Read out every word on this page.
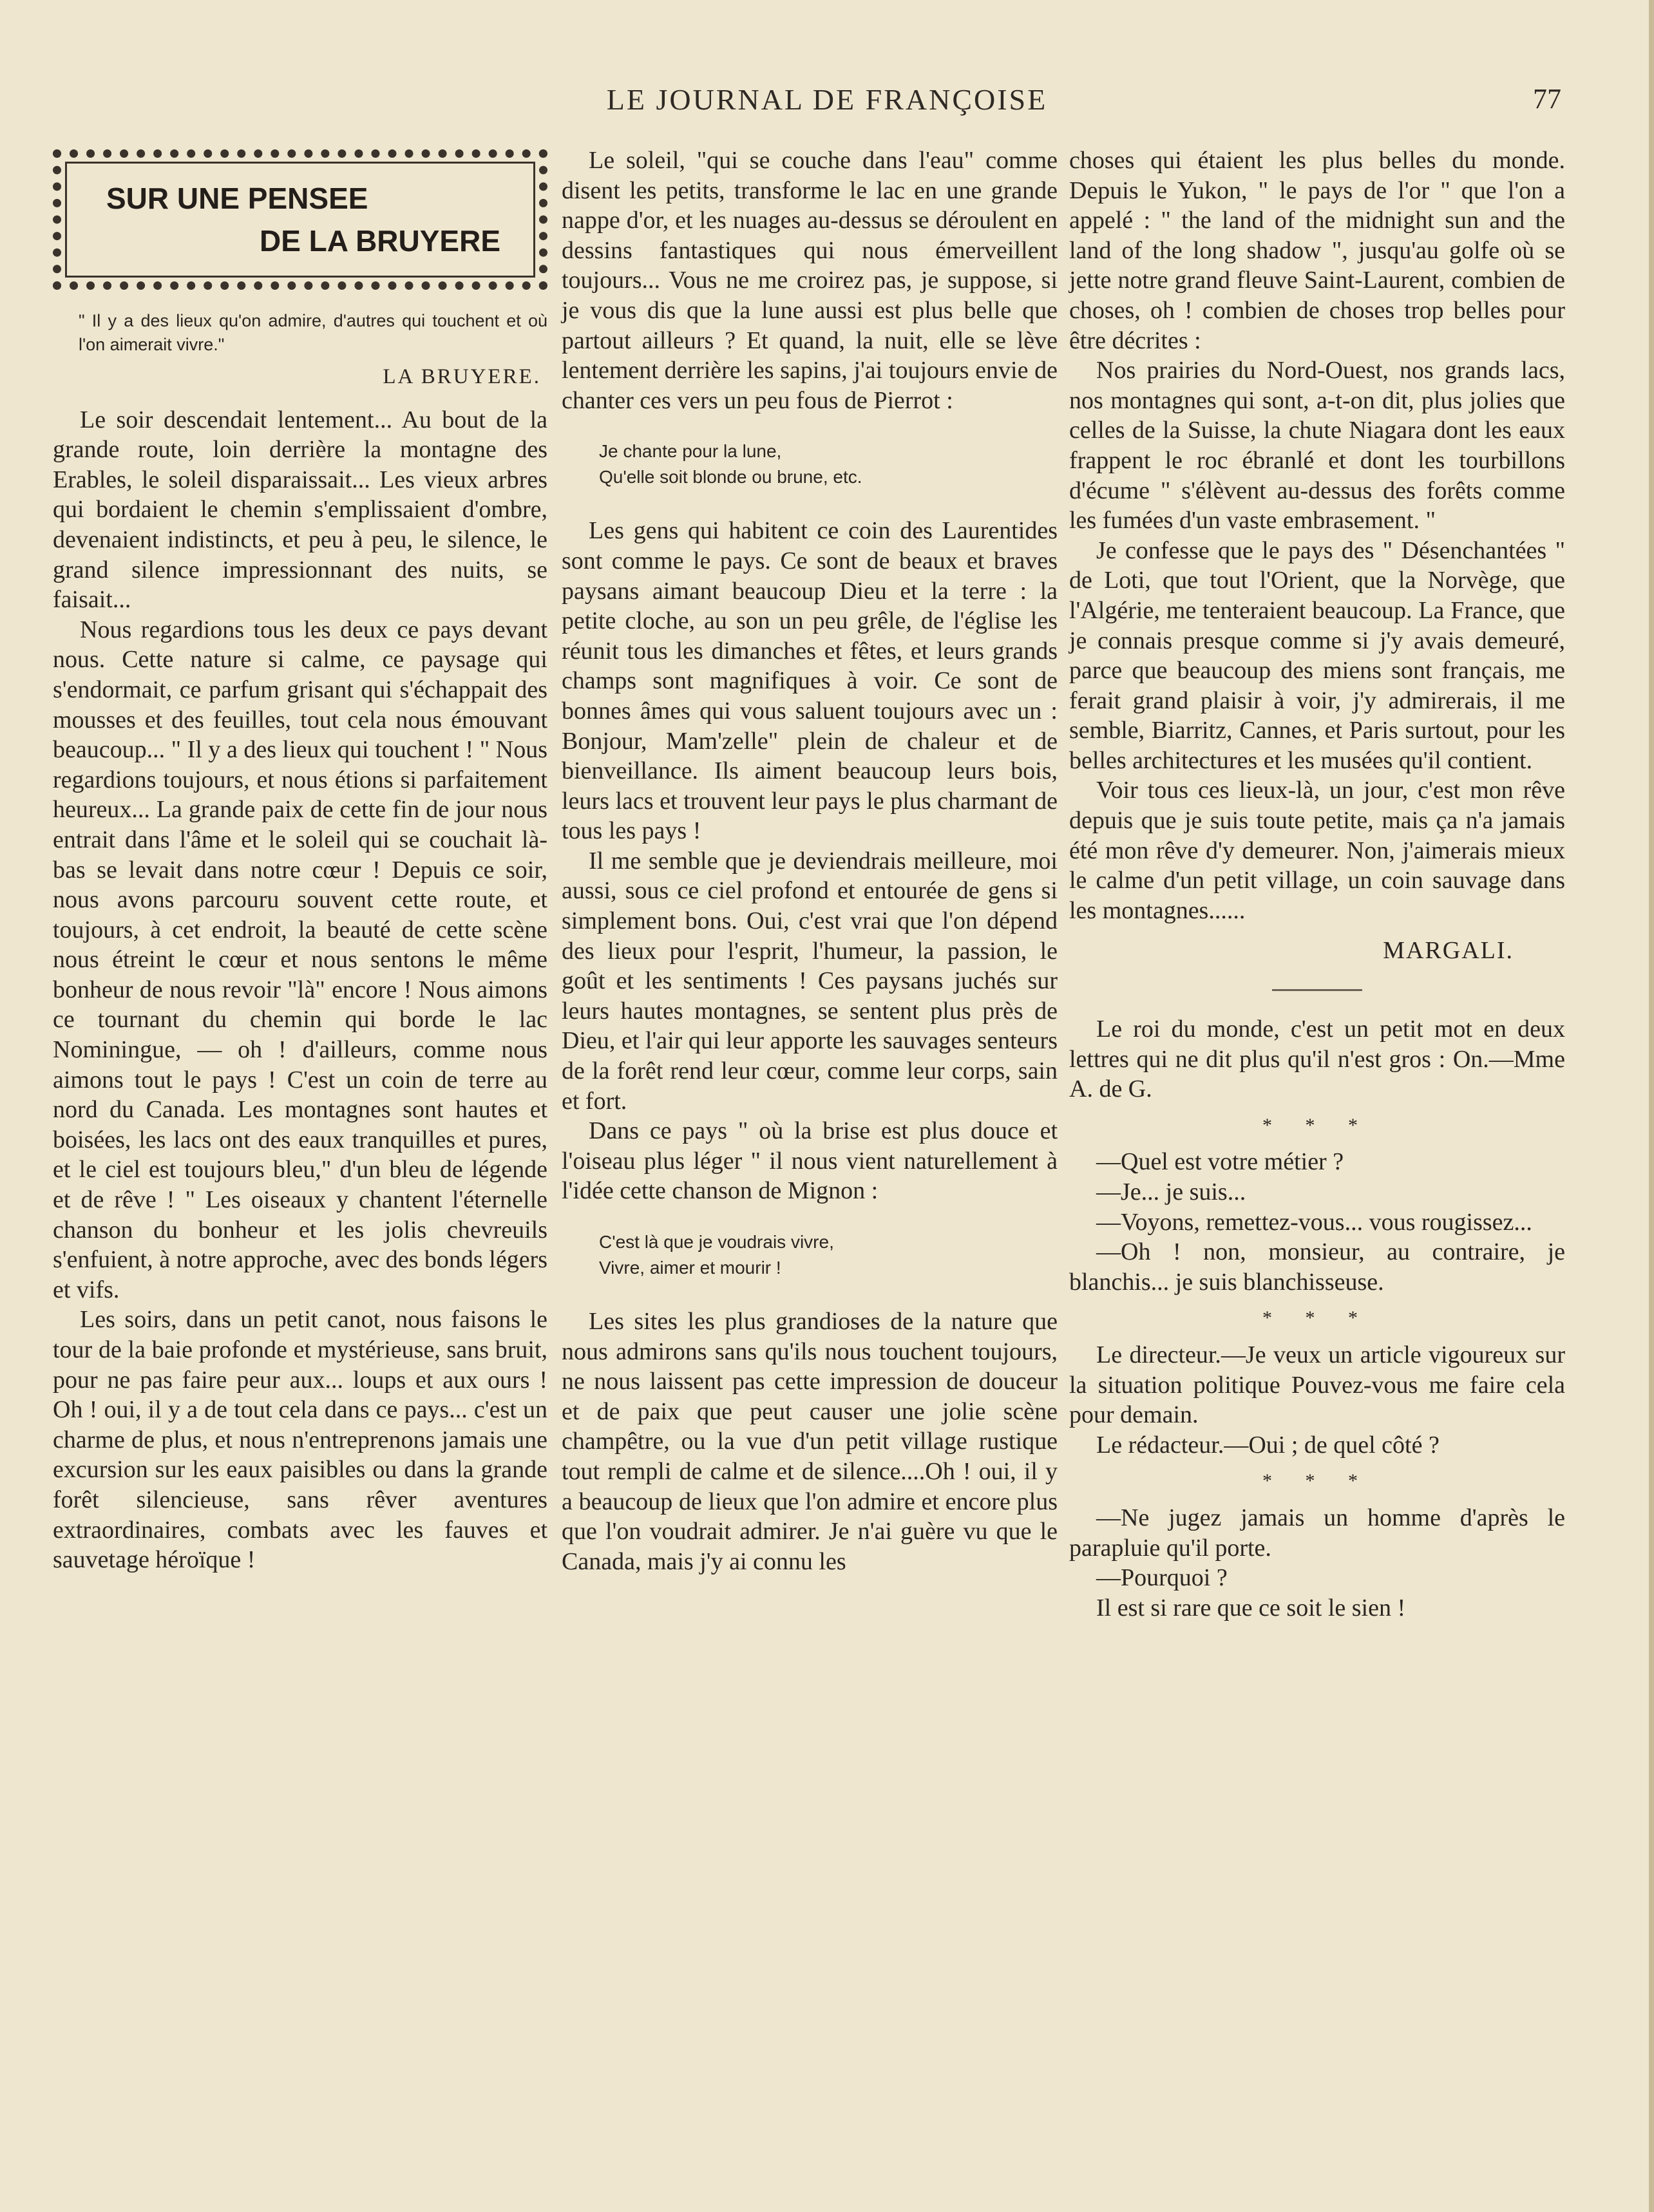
LE JOURNAL DE FRANÇOISE	77
SUR UNE PENSEE
DE LA BRUYERE
" Il y a des lieux qu'on admire, d'autres qui touchent et où l'on aimerait vivre."
LA BRUYERE.

Le soir descendait lentement... Au bout de la grande route, loin derrière la montagne des Erables, le soleil disparaissait... Les vieux arbres qui bordaient le chemin s'emplissaient d'ombre, devenaient indistincts, et peu à peu, le silence, le grand silence impressionnant des nuits, se faisait...

Nous regardions tous les deux ce pays devant nous. Cette nature si calme, ce paysage qui s'endormait, ce parfum grisant qui s'échappait des mousses et des feuilles, tout cela nous émouvant beaucoup... " Il y a des lieux qui touchent ! " Nous regardions toujours, et nous étions si parfaitement heureux... La grande paix de cette fin de jour nous entrait dans l'âme et le soleil qui se couchait là-bas se levait dans notre cœur ! Depuis ce soir, nous avons parcouru souvent cette route, et toujours, à cet endroit, la beauté de cette scène nous étreint le cœur et nous sentons le même bonheur de nous revoir "là" encore ! Nous aimons ce tournant du chemin qui borde le lac Nominingue, — oh ! d'ailleurs, comme nous aimons tout le pays ! C'est un coin de terre au nord du Canada. Les montagnes sont hautes et boisées, les lacs ont des eaux tranquilles et pures, et le ciel est toujours bleu," d'un bleu de légende et de rêve ! " Les oiseaux y chantent l'éternelle chanson du bonheur et les jolis chevreuils s'enfuient, à notre approche, avec des bonds légers et vifs.

Les soirs, dans un petit canot, nous faisons le tour de la baie profonde et mystérieuse, sans bruit, pour ne pas faire peur aux... loups et aux ours ! Oh ! oui, il y a de tout cela dans ce pays... c'est un charme de plus, et nous n'entreprenons jamais une excursion sur les eaux paisibles ou dans la grande forêt silencieuse, sans rêver aventures extraordinaires, combats avec les fauves et sauvetage héroïque !

Le soleil, "qui se couche dans l'eau" comme disent les petits, transforme le lac en une grande nappe d'or, et les nuages au-dessus se déroulent en dessins fantastiques qui nous émerveillent toujours... Vous ne me croirez pas, je suppose, si je vous dis que la lune aussi est plus belle que partout ailleurs ? Et quand, la nuit, elle se lève lentement derrière les sapins, j'ai toujours envie de chanter ces vers un peu fous de Pierrot :

Je chante pour la lune,
Qu'elle soit blonde ou brune, etc.

Les gens qui habitent ce coin des Laurentides sont comme le pays. Ce sont de beaux et braves paysans aimant beaucoup Dieu et la terre : la petite cloche, au son un peu grêle, de l'église les réunit tous les dimanches et fêtes, et leurs grands champs sont magnifiques à voir. Ce sont de bonnes âmes qui vous saluent toujours avec un : Bonjour, Mam'zelle" plein de chaleur et de bienveillance. Ils aiment beaucoup leurs bois, leurs lacs et trouvent leur pays le plus charmant de tous les pays !

Il me semble que je deviendrais meilleure, moi aussi, sous ce ciel profond et entourée de gens si simplement bons. Oui, c'est vrai que l'on dépend des lieux pour l'esprit, l'humeur, la passion, le goût et les sentiments ! Ces paysans juchés sur leurs hautes montagnes, se sentent plus près de Dieu, et l'air qui leur apporte les sauvages senteurs de la forêt rend leur cœur, comme leur corps, sain et fort.

Dans ce pays " où la brise est plus douce et l'oiseau plus léger " il nous vient naturellement à l'idée cette chanson de Mignon :

C'est là que je voudrais vivre,
Vivre, aimer et mourir !

Les sites les plus grandioses de la nature que nous admirons sans qu'ils nous touchent toujours, ne nous laissent pas cette impression de douceur et de paix que peut causer une jolie scène champêtre, ou la vue d'un petit village rustique tout rempli de calme et de silence....Oh ! oui, il y a beaucoup de lieux que l'on admire et encore plus que l'on voudrait admirer. Je n'ai guère vu que le Canada, mais j'y ai connu les

choses qui étaient les plus belles du monde. Depuis le Yukon, " le pays de l'or " que l'on a appelé : " the land of the midnight sun and the land of the long shadow ", jusqu'au golfe où se jette notre grand fleuve Saint-Laurent, combien de choses, oh ! combien de choses trop belles pour être décrites :

Nos prairies du Nord-Ouest, nos grands lacs, nos montagnes qui sont, a-t-on dit, plus jolies que celles de la Suisse, la chute Niagara dont les eaux frappent le roc ébranlé et dont les tourbillons d'écume " s'élèvent au-dessus des forêts comme les fumées d'un vaste embrasement. "

Je confesse que le pays des " Désenchantées " de Loti, que tout l'Orient, que la Norvège, que l'Algérie, me tenteraient beaucoup. La France, que je connais presque comme si j'y avais demeuré, parce que beaucoup des miens sont français, me ferait grand plaisir à voir, j'y admirerais, il me semble, Biarritz, Cannes, et Paris surtout, pour les belles architectures et les musées qu'il contient.

Voir tous ces lieux-là, un jour, c'est mon rêve depuis que je suis toute petite, mais ça n'a jamais été mon rêve d'y demeurer. Non, j'aimerais mieux le calme d'un petit village, un coin sauvage dans les montagnes......

MARGALI.

Le roi du monde, c'est un petit mot en deux lettres qui ne dit plus qu'il n'est gros : On.—Mme A. de G.

* * *

—Quel est votre métier ?

—Je... je suis...

—Voyons, remettez-vous... vous rougissez...

—Oh ! non, monsieur, au contraire, je blanchis... je suis blanchisseuse.

* * *

Le directeur.—Je veux un article vigoureux sur la situation politique Pouvez-vous me faire cela pour demain.

Le rédacteur.—Oui ; de quel côté ?

* * *

—Ne jugez jamais un homme d'après le parapluie qu'il porte.

—Pourquoi ?

Il est si rare que ce soit le sien !
